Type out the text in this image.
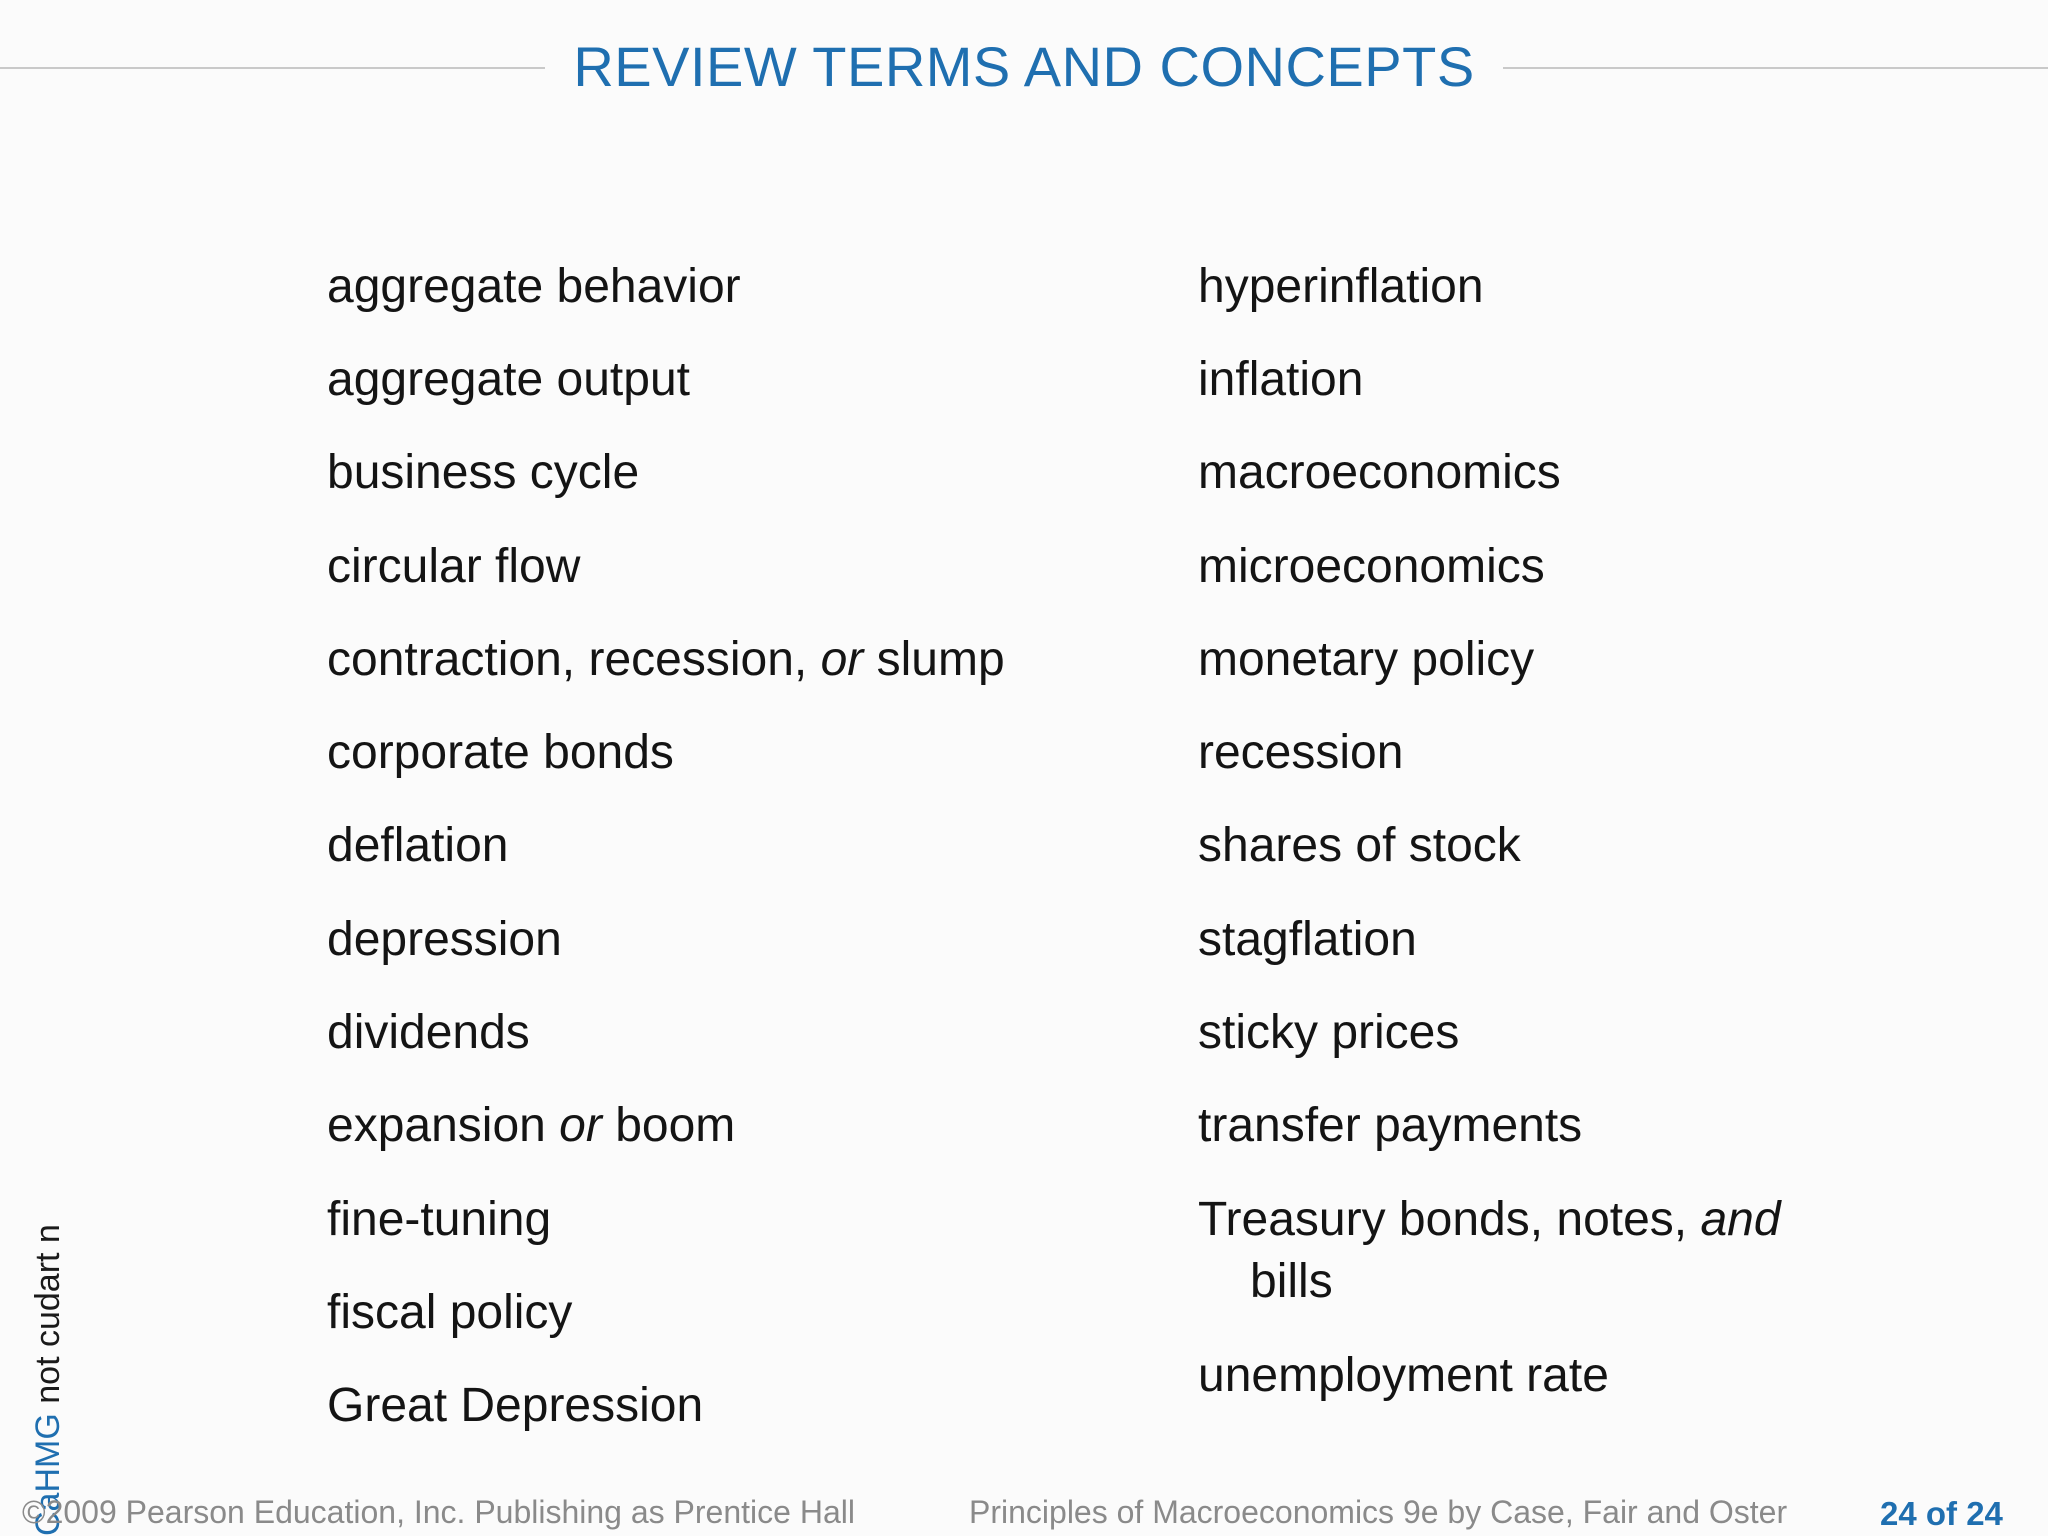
REVIEW TERMS AND CONCEPTS
aggregate behavior
aggregate output
business cycle
circular flow
contraction, recession, or slump
corporate bonds
deflation
depression
dividends
expansion or boom
fine-tuning
fiscal policy
Great Depression
hyperinflation
inflation
macroeconomics
microeconomics
monetary policy
recession
shares of stock
stagflation
sticky prices
transfer payments
Treasury bonds, notes, and
bills
unemployment rate
CaHMG not cudart n
©2009 Pearson Education, Inc. Publishing as Prentice Hall	Principles of Macroeconomics 9e by Case, Fair and Oster	24 of 24
